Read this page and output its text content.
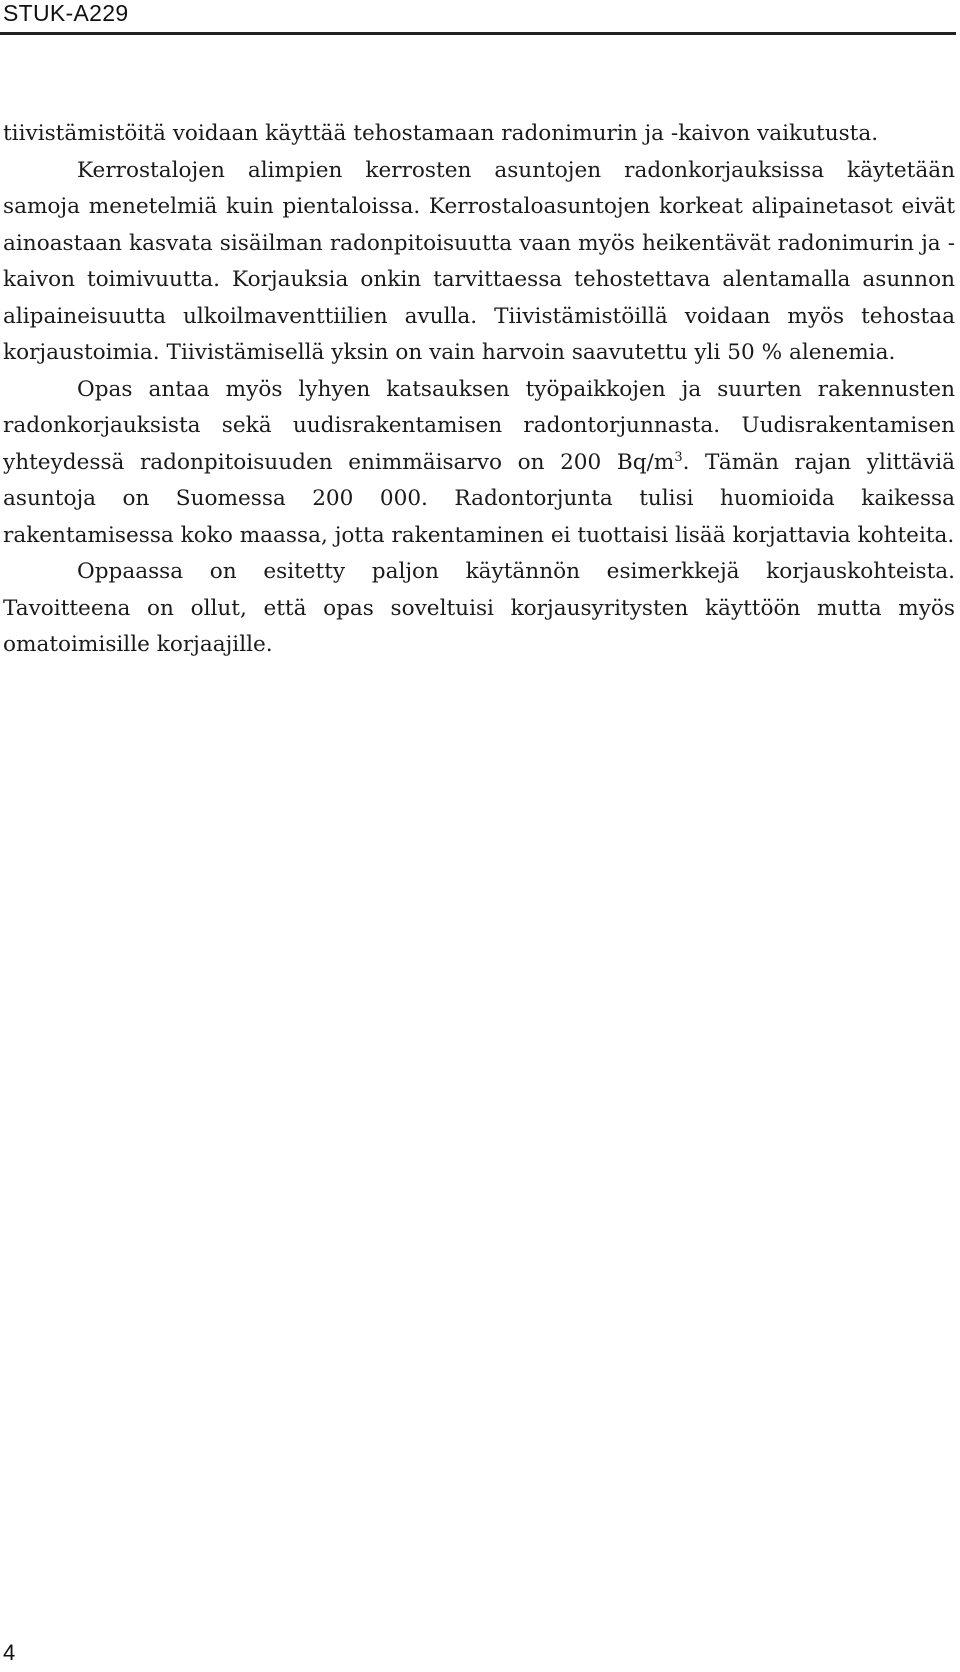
STUK-A229

tiivistämistöitä voidaan käyttää tehostamaan radonimurin ja -kaivon vaikutusta.

Kerrostalojen alimpien kerrosten asuntojen radonkorjauksissa käytetään samoja menetelmiä kuin pientaloissa. Kerrostaloasuntojen korkeat alipainetasot eivät ainoastaan kasvata sisäilman radonpitoisuutta vaan myös heikentävät radonimurin ja -kaivon toimivuutta. Korjauksia onkin tarvittaessa tehostettava alentamalla asunnon alipaineisuutta ulkoilmaventtiilien avulla. Tiivistämistöillä voidaan myös tehostaa korjaustoimia. Tiivistämisellä yksin on vain harvoin saavutettu yli 50 % alenemia.

Opas antaa myös lyhyen katsauksen työpaikkojen ja suurten rakennusten radonkorjauksista sekä uudisrakentamisen radontorjunnasta. Uudisrakentamisen yhteydessä radonpitoisuuden enimmäisarvo on 200 $Bq/m^3$. Tämän rajan ylittäviä asuntoja on Suomessa 200 000. Radontorjunta tulisi huomioida kaikessa rakentamisessa koko maassa, jotta rakentaminen ei tuottaisi lisää korjattavia kohteita.

Oppaassa on esitetty paljon käytännön esimerkkejä korjauskohteista. Tavoitteena on ollut, että opas soveltuisi korjausyritysten käyttöön mutta myös omatoimisille korjaajille.

4
